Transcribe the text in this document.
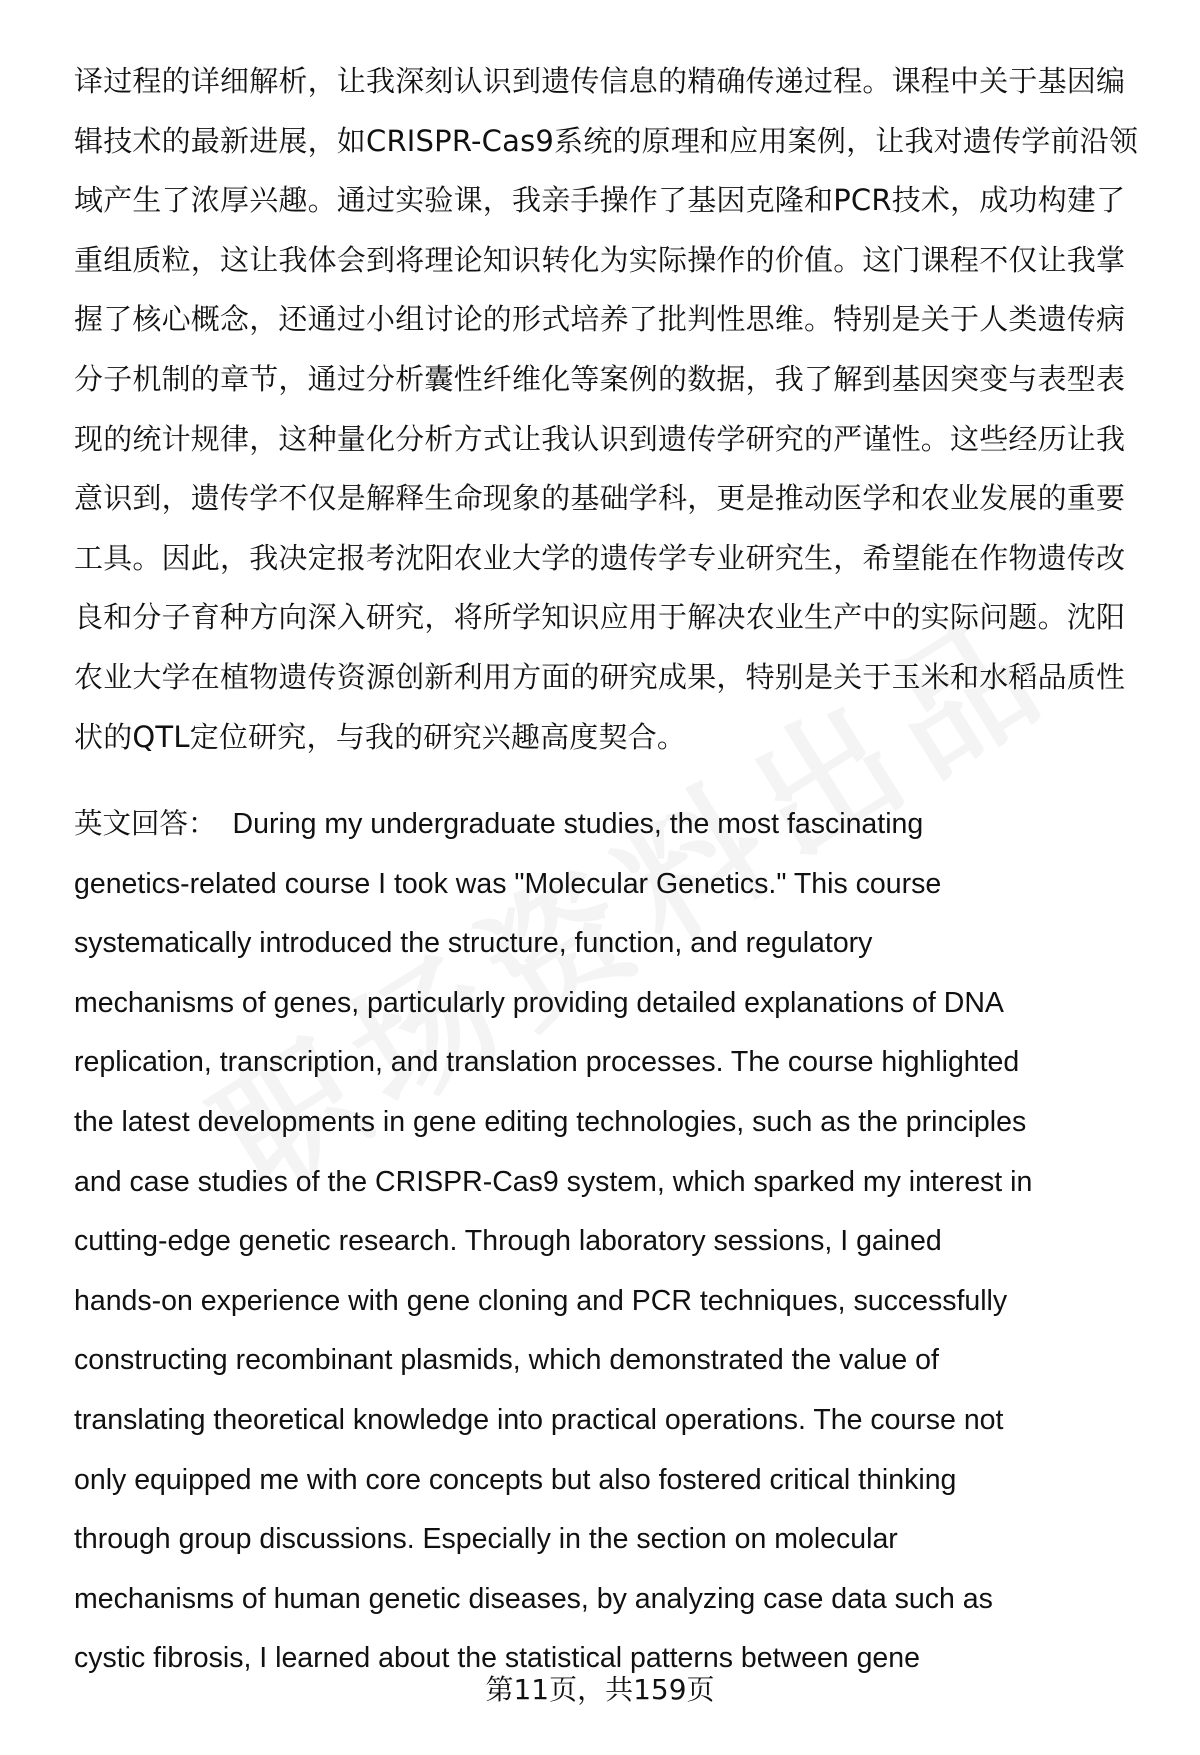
译过程的详细解析，让我深刻认识到遗传信息的精确传递过程。课程中关于基因编
辑技术的最新进展，如CRISPR-Cas9系统的原理和应用案例，让我对遗传学前沿领
域产生了浓厚兴趣。通过实验课，我亲手操作了基因克隆和PCR技术，成功构建了
重组质粒，这让我体会到将理论知识转化为实际操作的价值。这门课程不仅让我掌
握了核心概念，还通过小组讨论的形式培养了批判性思维。特别是关于人类遗传病
分子机制的章节，通过分析囊性纤维化等案例的数据，我了解到基因突变与表型表
现的统计规律，这种量化分析方式让我认识到遗传学研究的严谨性。这些经历让我
意识到，遗传学不仅是解释生命现象的基础学科，更是推动医学和农业发展的重要
工具。因此，我决定报考沈阳农业大学的遗传学专业研究生，希望能在作物遗传改
良和分子育种方向深入研究，将所学知识应用于解决农业生产中的实际问题。沈阳
农业大学在植物遗传资源创新利用方面的研究成果，特别是关于玉米和水稻品质性
状的QTL定位研究，与我的研究兴趣高度契合。
英文回答： During my undergraduate studies, the most fascinating
genetics-related course I took was "Molecular Genetics." This course
systematically introduced the structure, function, and regulatory
mechanisms of genes, particularly providing detailed explanations of DNA
replication, transcription, and translation processes. The course highlighted
the latest developments in gene editing technologies, such as the principles
and case studies of the CRISPR-Cas9 system, which sparked my interest in
cutting-edge genetic research. Through laboratory sessions, I gained
hands-on experience with gene cloning and PCR techniques, successfully
constructing recombinant plasmids, which demonstrated the value of
translating theoretical knowledge into practical operations. The course not
only equipped me with core concepts but also fostered critical thinking
through group discussions. Especially in the section on molecular
mechanisms of human genetic diseases, by analyzing case data such as
cystic fibrosis, I learned about the statistical patterns between gene
第11页，共159页
